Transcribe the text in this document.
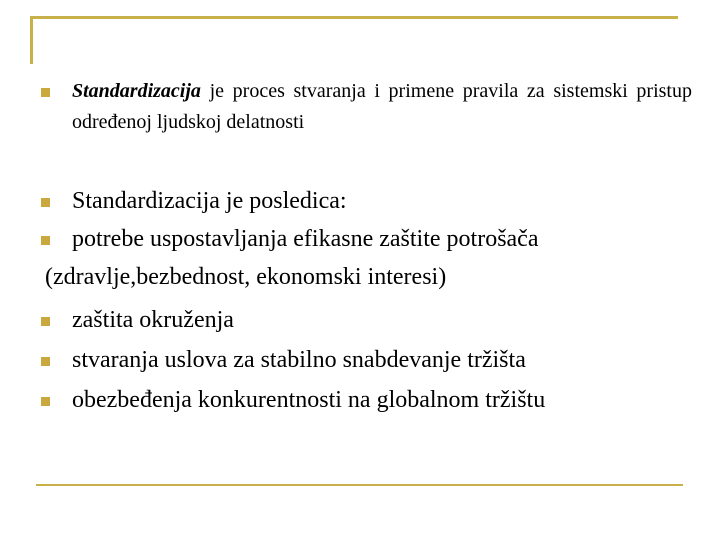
Standardizacija je proces stvaranja i primene pravila za sistemski pristup određenoj ljudskoj delatnosti
Standardizacija je posledica:
potrebe uspostavljanja efikasne zaštite potrošača
(zdravlje,bezbednost, ekonomski interesi)
zaštita okruženja
stvaranja uslova za stabilno snabdevanje tržišta
obezbeđenja konkurentnosti na globalnom tržištu
